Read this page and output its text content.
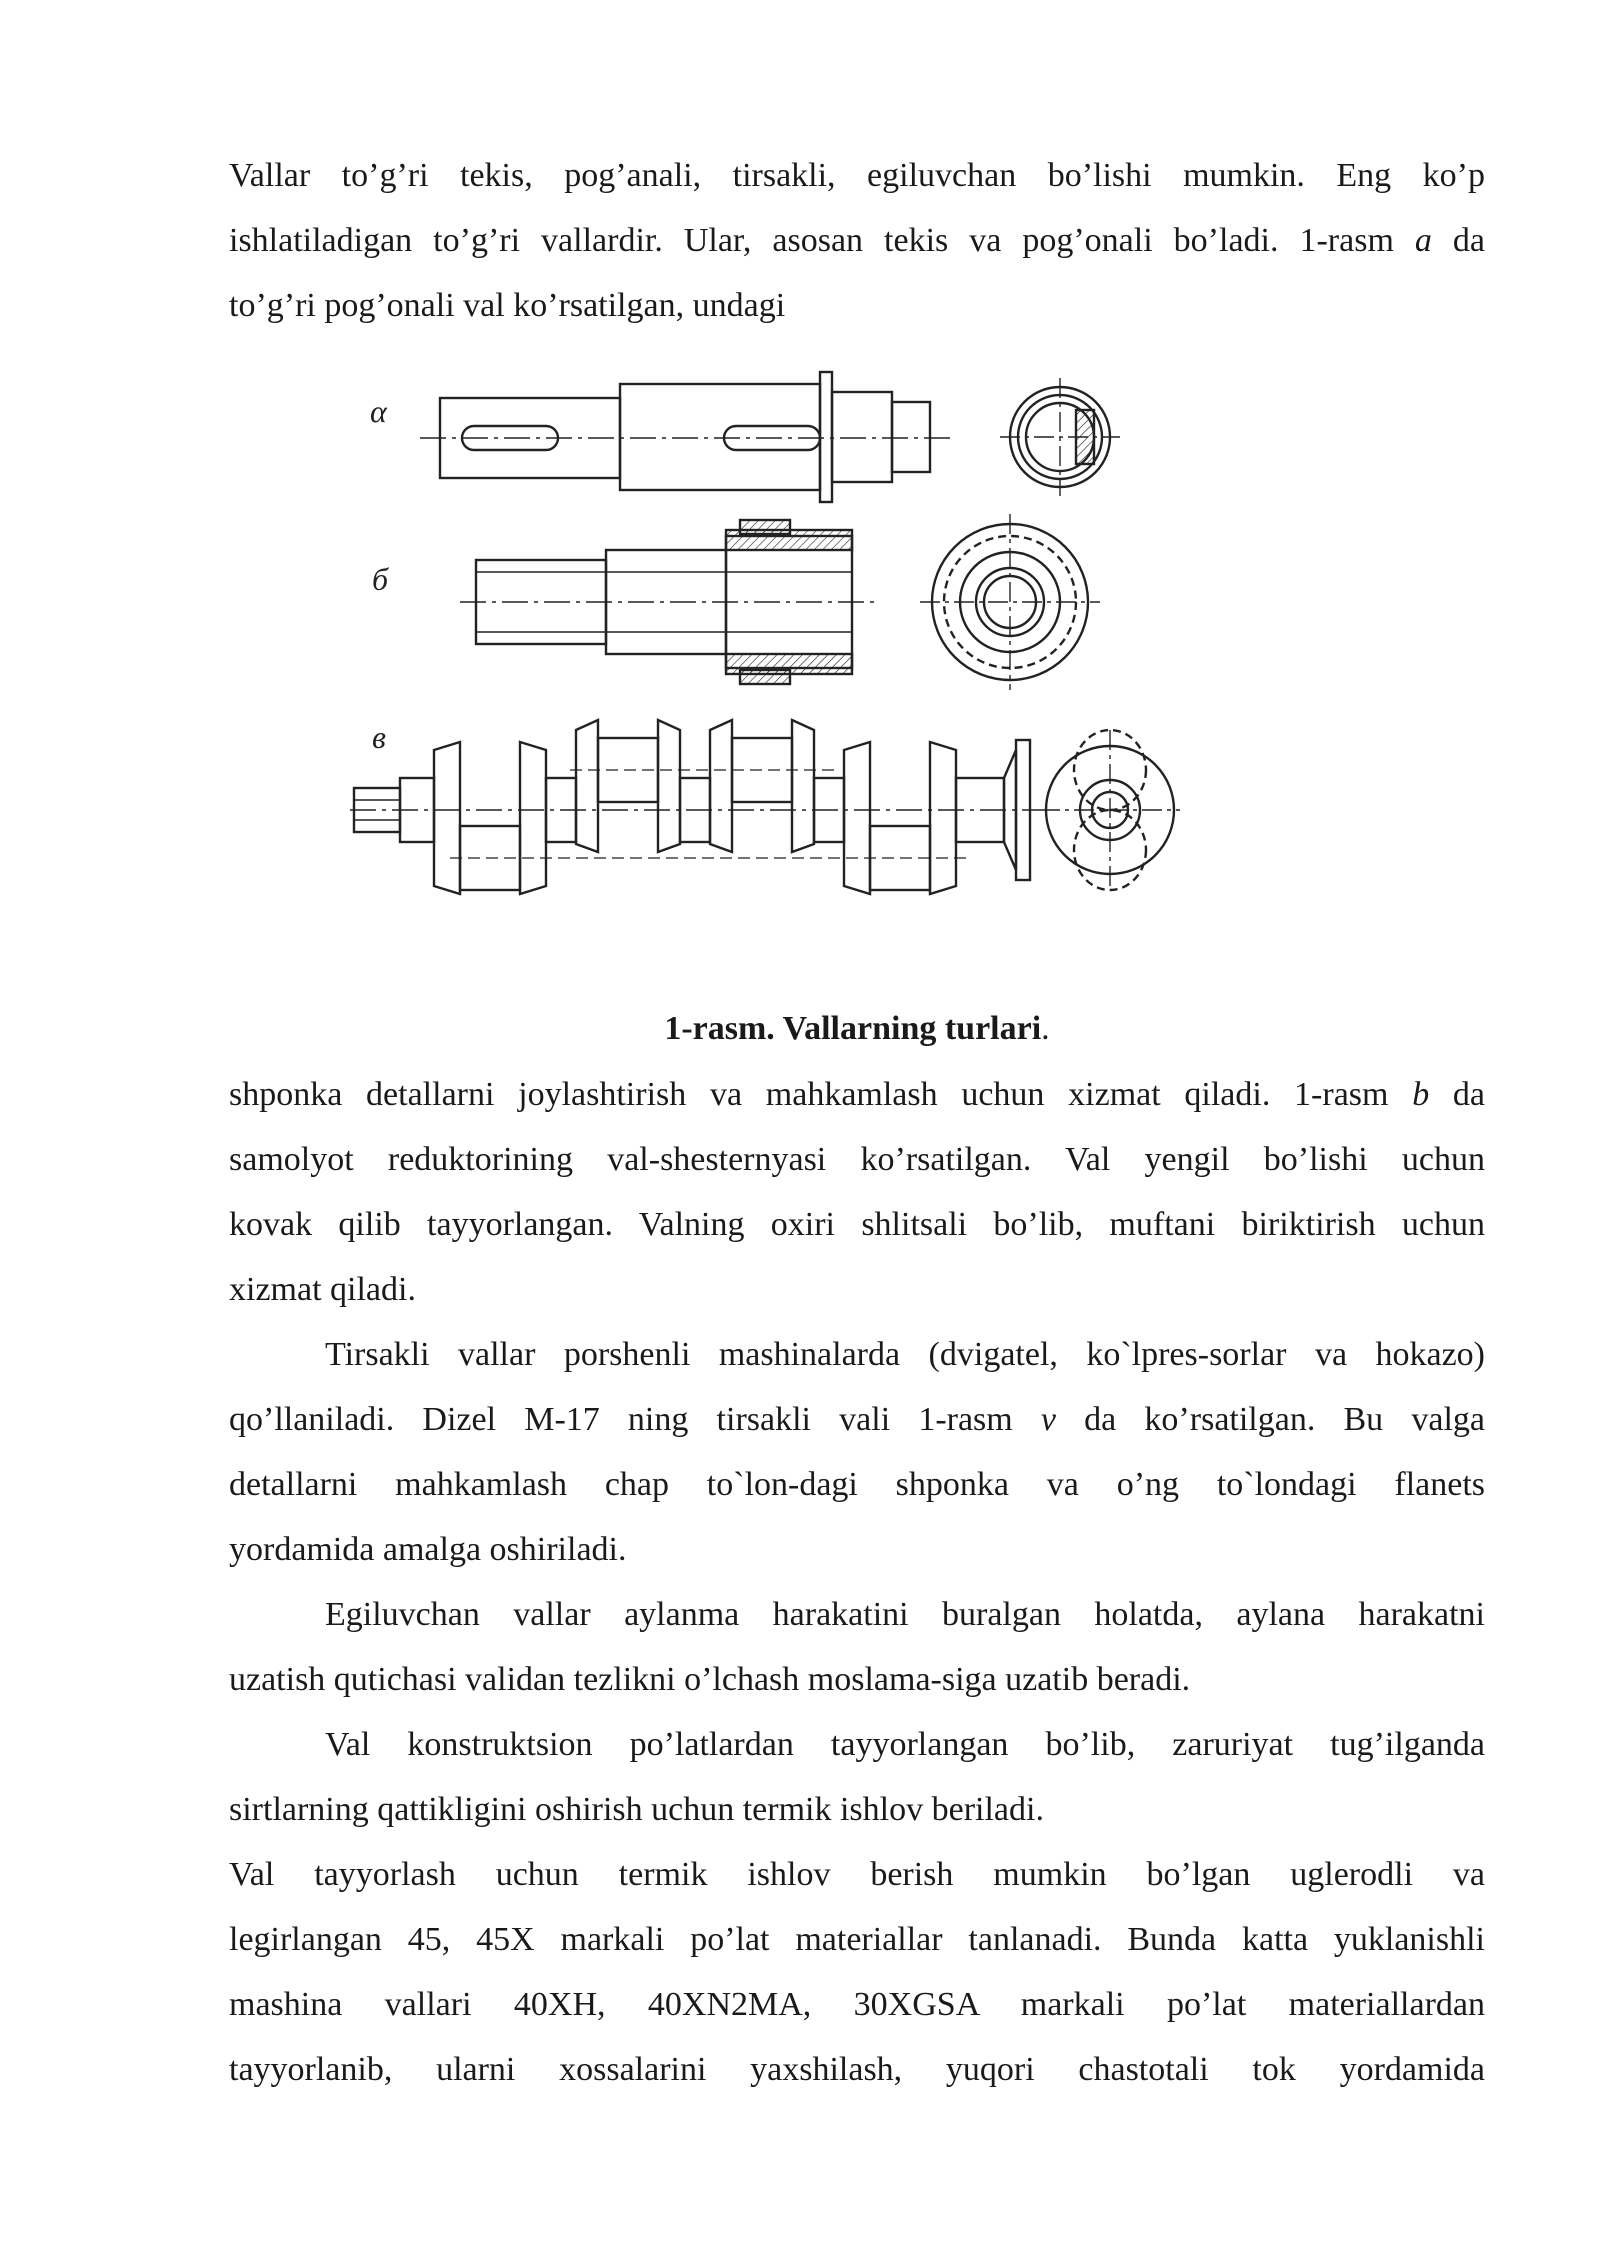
Vallar to’g’ri tekis, pog’anali, tirsakli, egiluvchan bo’lishi mumkin. Eng ko’p
ishlatiladigan to’g’ri vallardir. Ular, asosan tekis va pog’onali bo’ladi. 1-rasm a da
to’g’ri pog’onali val ko’rsatilgan, undagi
α
б
в
1-rasm. Vallarning turlari.
shponka detallarni joylashtirish va mahkamlash uchun xizmat qiladi. 1-rasm b da
samolyot reduktorining val-shesternyasi ko’rsatilgan. Val yengil bo’lishi uchun
kovak qilib tayyorlangan. Valning oxiri shlitsali bo’lib, muftani biriktirish uchun
xizmat qiladi.
Tirsakli vallar porshenli mashinalarda (dvigatel, ko`lpres-sorlar va hokazo)
qo’llaniladi. Dizel M-17 ning tirsakli vali 1-rasm v da ko’rsatilgan. Bu valga
detallarni mahkamlash chap to`lon-dagi shponka va o’ng to`londagi flanets
yordamida amalga oshiriladi.
Egiluvchan vallar aylanma harakatini buralgan holatda, aylana harakatni
uzatish qutichasi validan tezlikni o’lchash moslama-siga uzatib beradi.
Val konstruktsion po’latlardan tayyorlangan bo’lib, zaruriyat tug’ilganda
sirtlarning qattikligini oshirish uchun termik ishlov beriladi.
Val tayyorlash uchun termik ishlov berish mumkin bo’lgan uglerodli va
legirlangan 45, 45X markali po’lat materiallar tanlanadi. Bunda katta yuklanishli
mashina vallari 40XH, 40XN2MA, 30XGSA markali po’lat materiallardan
tayyorlanib, ularni xossalarini yaxshilash, yuqori chastotali tok yordamida
